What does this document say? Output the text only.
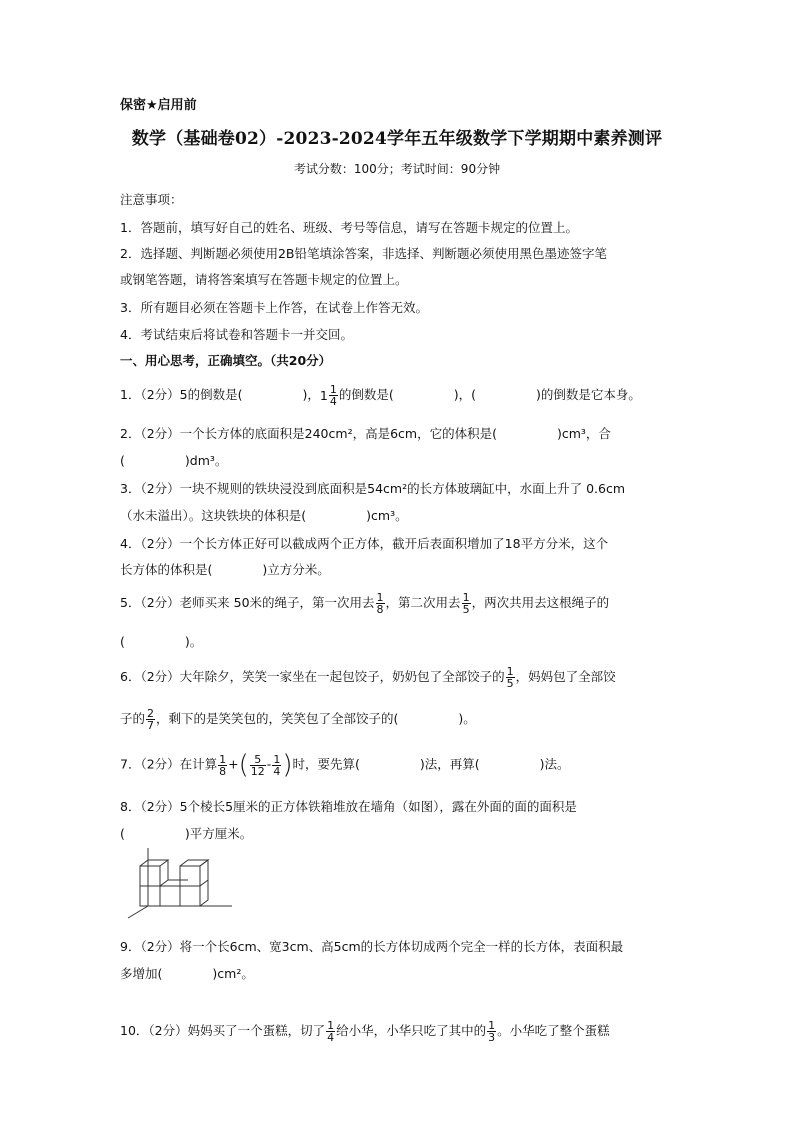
保密★启用前
数学（基础卷02）-2023-2024学年五年级数学下学期期中素养测评
考试分数：100分；考试时间：90分钟
注意事项：
1．答题前，填写好自己的姓名、班级、考号等信息，请写在答题卡规定的位置上。
2．选择题、判断题必须使用2B铅笔填涂答案，非选择、判断题必须使用黑色墨迹签字笔
或钢笔答题，请将答案填写在答题卡规定的位置上。
3．所有题目必须在答题卡上作答，在试卷上作答无效。
4．考试结束后将试卷和答题卡一并交回。
一、用心思考，正确填空。（共20分）
1．（2分）5的倒数是(	)，$1 \frac{1}{4}$ 的倒数是(	)，(	)的倒数是它本身。
2．（2分）一个长方体的底面积是240cm²，高是6cm，它的体积是(	)cm³，合
(	)dm³。
3．（2分）一块不规则的铁块浸没到底面积是54cm²的长方体玻璃缸中，水面上升了 0.6cm
（水未溢出）。这块铁块的体积是(	)cm³。
4．（2分）一个长方体正好可以截成两个正方体，截开后表面积增加了18平方分米，这个
长方体的体积是(	)立方分米。
5．（2分）老师买来 50米的绳子，第一次用去 $\frac{1}{8}$ ，第二次用去 $\frac{1}{5}$ ，两次共用去这根绳子的
(	)。
6．（2分）大年除夕，笑笑一家坐在一起包饺子，奶奶包了全部饺子的 $\frac{1}{5}$ ，妈妈包了全部饺
子的 $\frac{2}{7}$ ，剩下的是笑笑包的，笑笑包了全部饺子的(	)。
7．（2分）在计算 $\frac{1}{8}$ +( $\frac{5}{12} - \frac{1}{4}$ )时，要先算(	)法，再算(	)法。
8．（2分）5个棱长5厘米的正方体铁箱堆放在墙角（如图），露在外面的面的面积是
(	)平方厘米。
9．（2分）将一个长6cm、宽3cm、高5cm的长方体切成两个完全一样的长方体，表面积最
多增加(	)cm²。
10．（2分）妈妈买了一个蛋糕，切了 $\frac{1}{4}$ 给小华，小华只吃了其中的 $\frac{1}{3}$ 。小华吃了整个蛋糕
